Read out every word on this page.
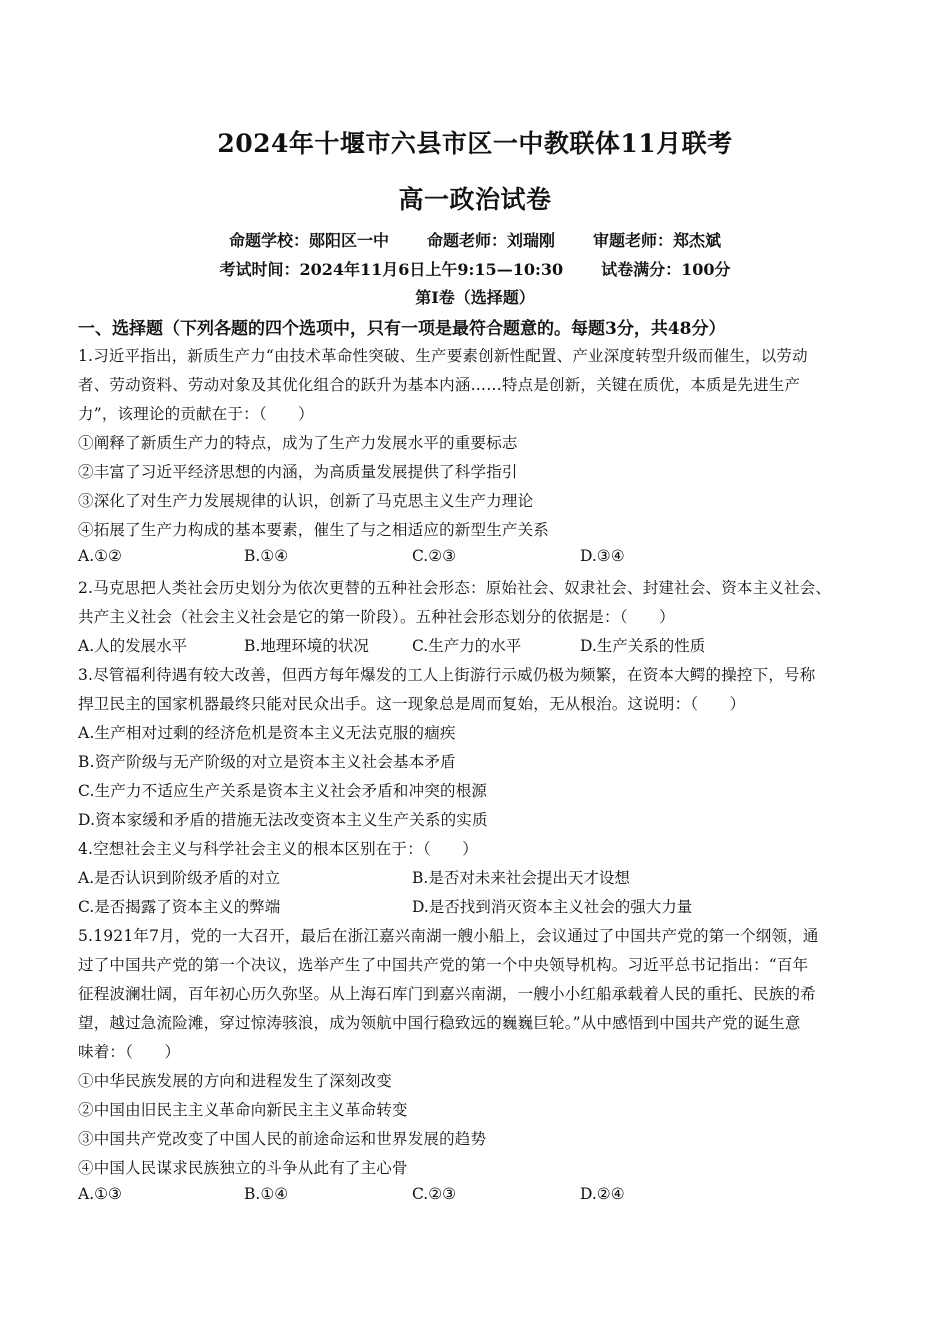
2024年十堰市六县市区一中教联体11月联考
高一政治试卷
命题学校：郧阳区一中 命题老师：刘瑞刚 审题老师：郑杰斌
考试时间：2024年11月6日上午9:15—10:30 试卷满分：100分
第Ⅰ卷（选择题）
一、选择题（下列各题的四个选项中，只有一项是最符合题意的。每题3分，共48分）
1.习近平指出，新质生产力“由技术革命性突破、生产要素创新性配置、产业深度转型升级而催生，以劳动
者、劳动资料、劳动对象及其优化组合的跃升为基本内涵……特点是创新，关键在质优，本质是先进生产
力”，该理论的贡献在于：（　　）
①阐释了新质生产力的特点，成为了生产力发展水平的重要标志
②丰富了习近平经济思想的内涵，为高质量发展提供了科学指引
③深化了对生产力发展规律的认识，创新了马克思主义生产力理论
④拓展了生产力构成的基本要素，催生了与之相适应的新型生产关系
A.①②	B.①④	C.②③	D.③④
2.马克思把人类社会历史划分为依次更替的五种社会形态：原始社会、奴隶社会、封建社会、资本主义社会、
共产主义社会（社会主义社会是它的第一阶段）。五种社会形态划分的依据是：（　　）
A.人的发展水平	B.地理环境的状况	C.生产力的水平	D.生产关系的性质
3.尽管福利待遇有较大改善，但西方每年爆发的工人上街游行示威仍极为频繁，在资本大鳄的操控下，号称
捍卫民主的国家机器最终只能对民众出手。这一现象总是周而复始，无从根治。这说明：（　　）
A.生产相对过剩的经济危机是资本主义无法克服的痼疾
B.资产阶级与无产阶级的对立是资本主义社会基本矛盾
C.生产力不适应生产关系是资本主义社会矛盾和冲突的根源
D.资本家缓和矛盾的措施无法改变资本主义生产关系的实质
4.空想社会主义与科学社会主义的根本区别在于：（　　）
A.是否认识到阶级矛盾的对立	B.是否对未来社会提出天才设想
C.是否揭露了资本主义的弊端	D.是否找到消灭资本主义社会的强大力量
5.1921年7月，党的一大召开，最后在浙江嘉兴南湖一艘小船上，会议通过了中国共产党的第一个纲领，通
过了中国共产党的第一个决议，选举产生了中国共产党的第一个中央领导机构。习近平总书记指出：“百年
征程波澜壮阔，百年初心历久弥坚。从上海石库门到嘉兴南湖，一艘小小红船承载着人民的重托、民族的希
望，越过急流险滩，穿过惊涛骇浪，成为领航中国行稳致远的巍巍巨轮。”从中感悟到中国共产党的诞生意
味着：（　　）
①中华民族发展的方向和进程发生了深刻改变
②中国由旧民主主义革命向新民主主义革命转变
③中国共产党改变了中国人民的前途命运和世界发展的趋势
④中国人民谋求民族独立的斗争从此有了主心骨
A.①③	B.①④	C.②③	D.②④
